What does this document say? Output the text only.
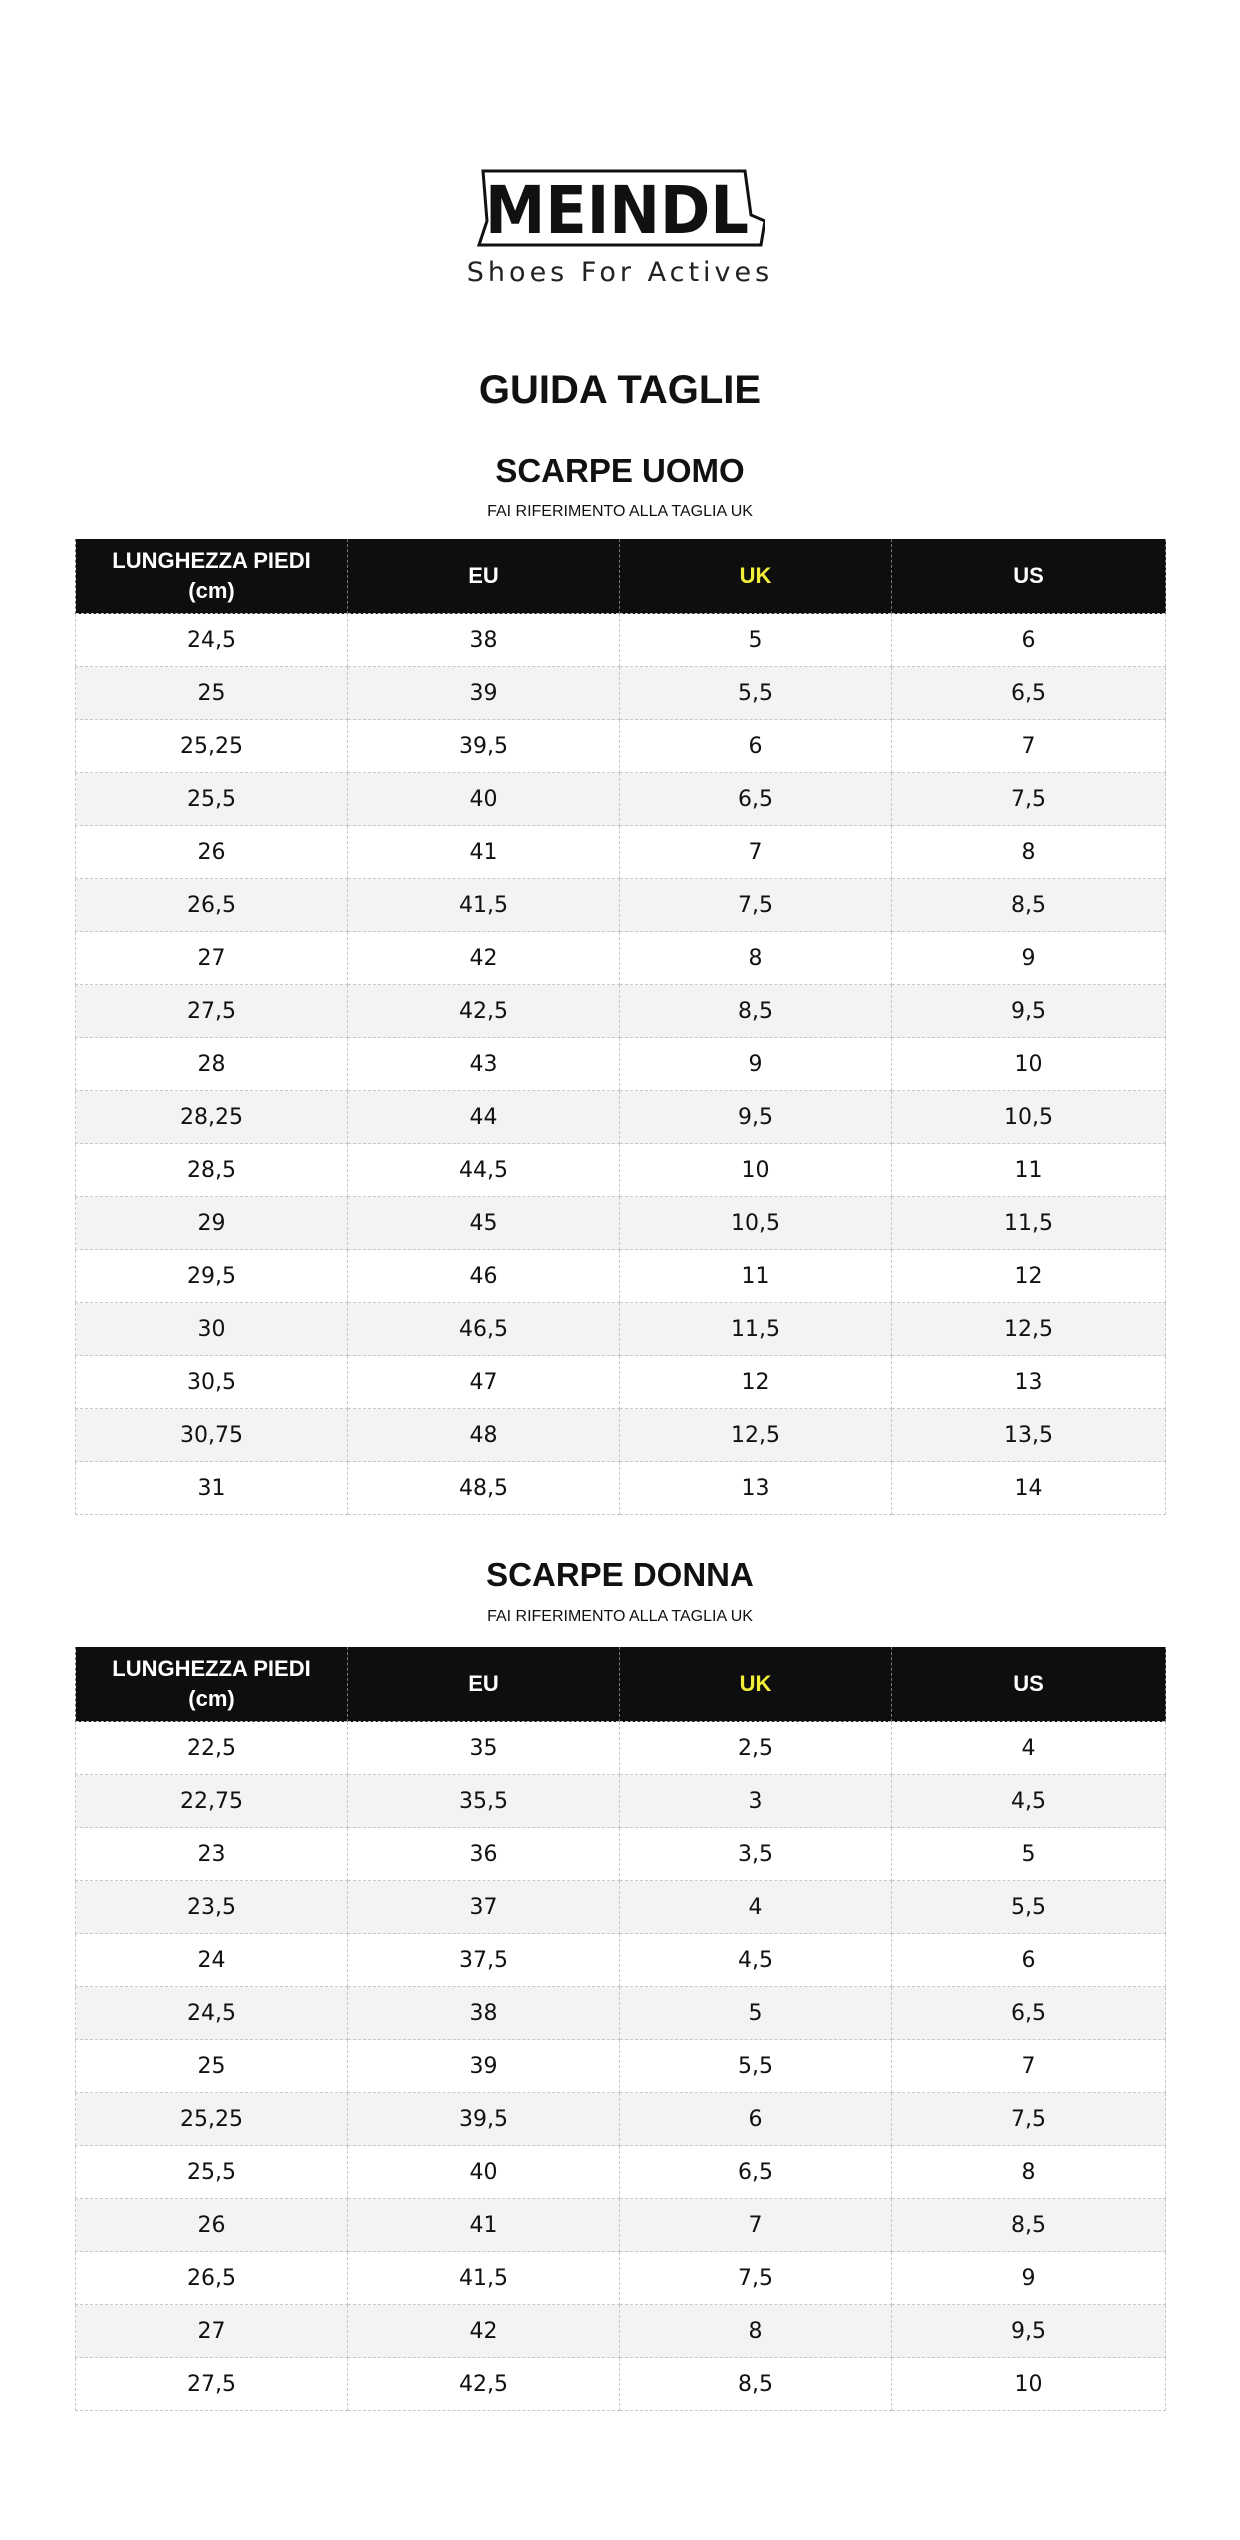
MEINDL
Shoes For Actives
GUIDA TAGLIE
SCARPE UOMO

FAI RIFERIMENTO ALLA TAGLIA UK

LUNGHEZZA PIEDI
(cm)	EU	UK	US
24,5	38	5	6
25	39	5,5	6,5
25,25	39,5	6	7
25,5	40	6,5	7,5
26	41	7	8
26,5	41,5	7,5	8,5
27	42	8	9
27,5	42,5	8,5	9,5
28	43	9	10
28,25	44	9,5	10,5
28,5	44,5	10	11
29	45	10,5	11,5
29,5	46	11	12
30	46,5	11,5	12,5
30,5	47	12	13
30,75	48	12,5	13,5
31	48,5	13	14
SCARPE DONNA

FAI RIFERIMENTO ALLA TAGLIA UK

LUNGHEZZA PIEDI
(cm)	EU	UK	US
22,5	35	2,5	4
22,75	35,5	3	4,5
23	36	3,5	5
23,5	37	4	5,5
24	37,5	4,5	6
24,5	38	5	6,5
25	39	5,5	7
25,25	39,5	6	7,5
25,5	40	6,5	8
26	41	7	8,5
26,5	41,5	7,5	9
27	42	8	9,5
27,5	42,5	8,5	10
